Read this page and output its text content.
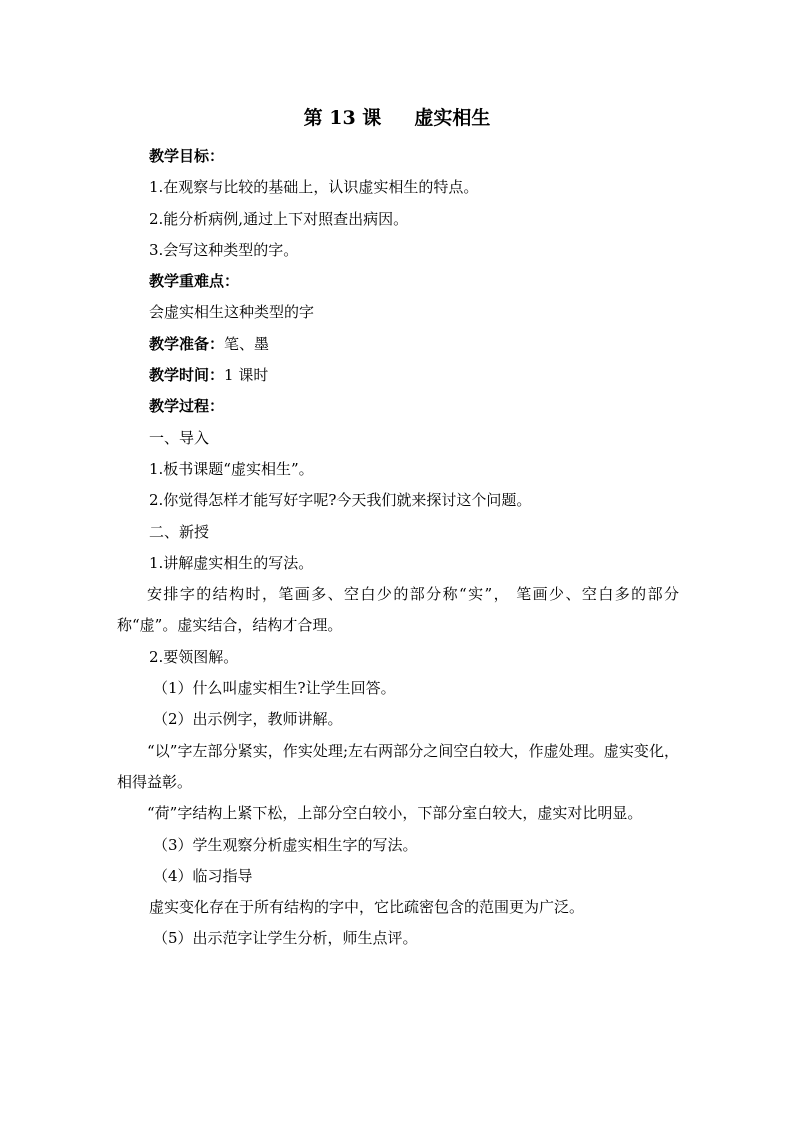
第 13 课     虚实相生

教学目标：

1.在观察与比较的基础上，认识虚实相生的特点。

2.能分析病例,通过上下对照查出病因。

3.会写这种类型的字。

教学重难点：

会虚实相生这种类型的字

教学准备：笔、墨

教学时间：1 课时

教学过程：

一、导入

1.板书课题“虚实相生”。

2.你觉得怎样才能写好字呢?今天我们就来探讨这个问题。

二、新授

1.讲解虚实相生的写法。

安排字的结构时，笔画多、空白少的部分称“实”， 笔画少、空白多的部分称“虚”。虚实结合，结构才合理。

2.要领图解。

（1）什么叫虚实相生?让学生回答。

（2）出示例字，教师讲解。

“以”字左部分紧实，作实处理;左右两部分之间空白较大，作虚处理。虚实变化，相得益彰。

“荷”字结构上紧下松，上部分空白较小，下部分室白较大，虚实对比明显。

（3）学生观察分析虚实相生字的写法。

（4）临习指导

虚实变化存在于所有结构的字中，它比疏密包含的范围更为广泛。

（5）出示范字让学生分析，师生点评。
